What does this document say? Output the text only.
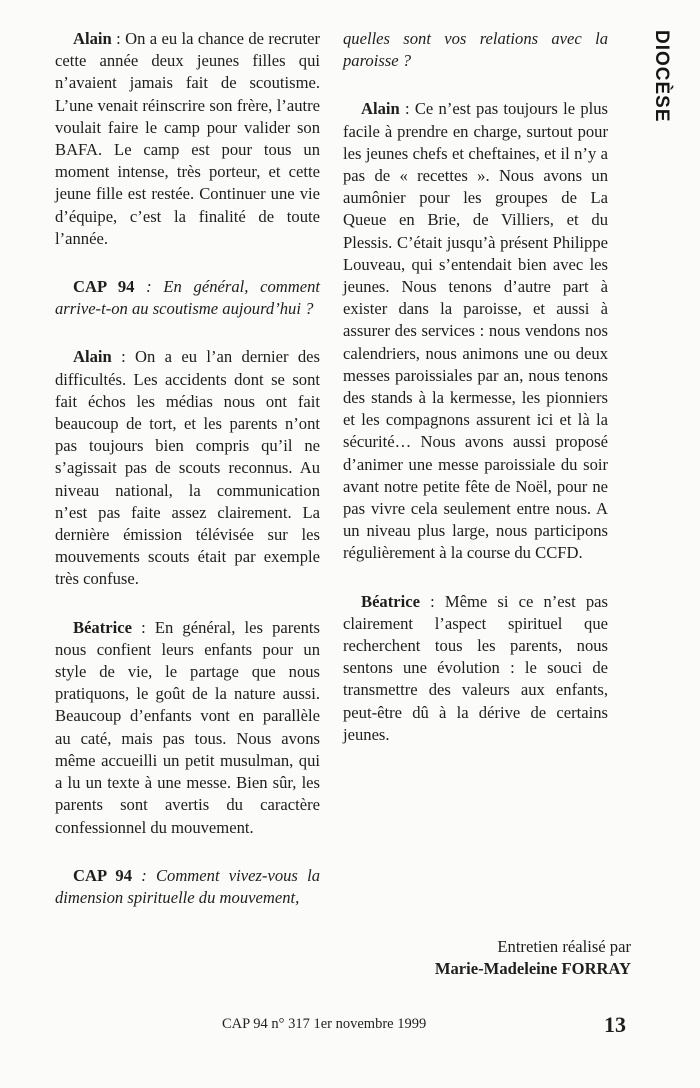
DIOCÈSE

Alain : On a eu la chance de recruter cette année deux jeunes filles qui n’avaient jamais fait de scoutisme. L’une venait réinscrire son frère, l’autre voulait faire le camp pour valider son BAFA. Le camp est pour tous un moment intense, très porteur, et cette jeune fille est restée. Continuer une vie d’équipe, c’est la finalité de toute l’année.

CAP 94 : En général, comment arrive-t-on au scoutisme aujourd’hui ?

Alain : On a eu l’an dernier des difficultés. Les accidents dont se sont fait échos les médias nous ont fait beaucoup de tort, et les parents n’ont pas toujours bien compris qu’il ne s’agissait pas de scouts reconnus. Au niveau national, la communication n’est pas faite assez clairement. La dernière émission télévisée sur les mouvements scouts était par exemple très confuse.

Béatrice : En général, les parents nous confient leurs enfants pour un style de vie, le partage que nous pratiquons, le goût de la nature aussi. Beaucoup d’enfants vont en parallèle au caté, mais pas tous. Nous avons même accueilli un petit musulman, qui a lu un texte à une messe. Bien sûr, les parents sont avertis du caractère confessionnel du mouvement.

CAP 94 : Comment vivez-vous la dimension spirituelle du mouvement,

quelles sont vos relations avec la paroisse ?

Alain : Ce n’est pas toujours le plus facile à prendre en charge, surtout pour les jeunes chefs et cheftaines, et il n’y a pas de « recettes ». Nous avons un aumônier pour les groupes de La Queue en Brie, de Villiers, et du Plessis. C’était jusqu’à présent Philippe Louveau, qui s’entendait bien avec les jeunes. Nous tenons d’autre part à exister dans la paroisse, et aussi à assurer des services : nous vendons nos calendriers, nous animons une ou deux messes paroissiales par an, nous tenons des stands à la kermesse, les pionniers et les compagnons assurent ici et là la sécurité… Nous avons aussi proposé d’animer une messe paroissiale du soir avant notre petite fête de Noël, pour ne pas vivre cela seulement entre nous. A un niveau plus large, nous participons régulièrement à la course du CCFD.

Béatrice : Même si ce n’est pas clairement l’aspect spirituel que recherchent tous les parents, nous sentons une évolution : le souci de transmettre des valeurs aux enfants, peut-être dû à la dérive de certains jeunes.

Entretien réalisé par
Marie-Madeleine FORRAY
CAP 94 n° 317 1er novembre 1999	13
